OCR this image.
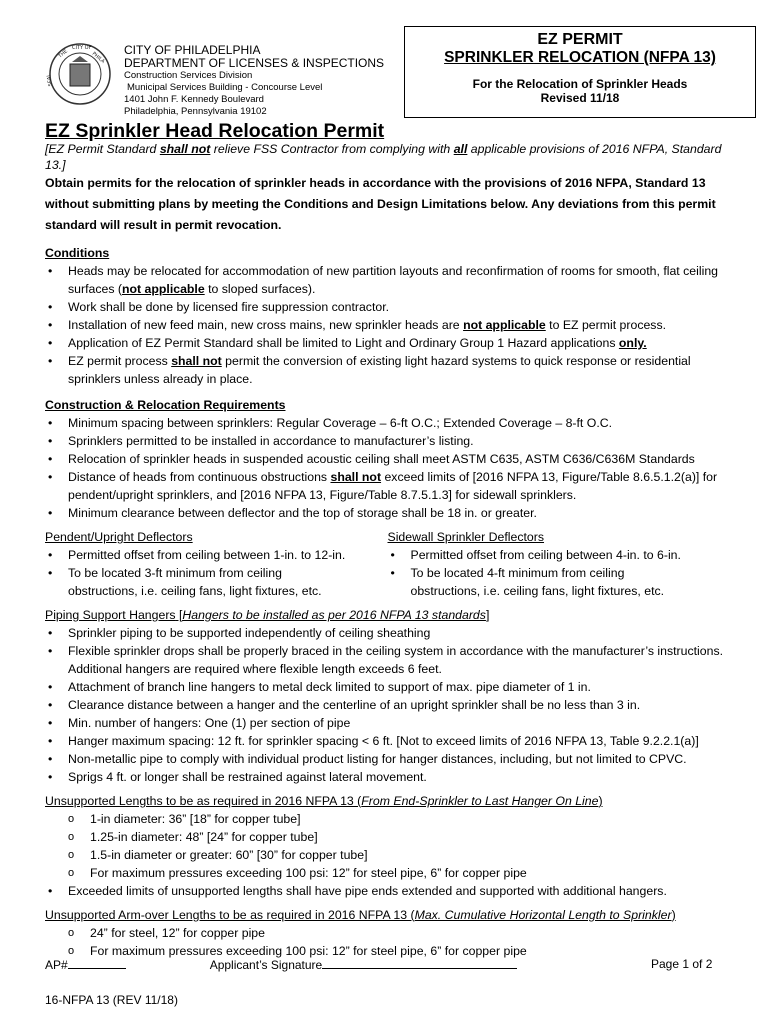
THE
CITY OF
PHILA
SEAL
CITY OF PHILADELPHIA
DEPARTMENT OF LICENSES & INSPECTIONS
Construction Services Division
Municipal Services Building - Concourse Level
1401 John F. Kennedy Boulevard
Philadelphia, Pennsylvania 19102
EZ PERMIT
SPRINKLER RELOCATION (NFPA 13)
For the Relocation of Sprinkler Heads
Revised 11/18
EZ Sprinkler Head Relocation Permit

[EZ Permit Standard shall not relieve FSS Contractor from complying with all applicable provisions of 2016 NFPA, Standard 13.]

Obtain permits for the relocation of sprinkler heads in accordance with the provisions of 2016 NFPA, Standard 13 without submitting plans by meeting the Conditions and Design Limitations below. Any deviations from this permit standard will result in permit revocation.

Conditions
• Heads may be relocated for accommodation of new partition layouts and reconfirmation of rooms for smooth, flat ceiling surfaces (not applicable to sloped surfaces).
• Work shall be done by licensed fire suppression contractor.
• Installation of new feed main, new cross mains, new sprinkler heads are not applicable to EZ permit process.
• Application of EZ Permit Standard shall be limited to Light and Ordinary Group 1 Hazard applications only.
• EZ permit process shall not permit the conversion of existing light hazard systems to quick response or residential sprinklers unless already in place.
Construction & Relocation Requirements
• Minimum spacing between sprinklers: Regular Coverage – 6-ft O.C.; Extended Coverage – 8-ft O.C.
• Sprinklers permitted to be installed in accordance to manufacturer’s listing.
• Relocation of sprinkler heads in suspended acoustic ceiling shall meet ASTM C635, ASTM C636/C636M Standards
• Distance of heads from continuous obstructions shall not exceed limits of [2016 NFPA 13, Figure/Table 8.6.5.1.2(a)] for pendent/upright sprinklers, and [2016 NFPA 13, Figure/Table 8.7.5.1.3] for sidewall sprinklers.
• Minimum clearance between deflector and the top of storage shall be 18 in. or greater.
Pendent/Upright Deflectors
• Permitted offset from ceiling between 1-in. to 12-in.
• To be located 3-ft minimum from ceiling obstructions, i.e. ceiling fans, light fixtures, etc.
Sidewall Sprinkler Deflectors
• Permitted offset from ceiling between 4-in. to 6-in.
• To be located 4-ft minimum from ceiling obstructions, i.e. ceiling fans, light fixtures, etc.
Piping Support Hangers [Hangers to be installed as per 2016 NFPA 13 standards]
• Sprinkler piping to be supported independently of ceiling sheathing
• Flexible sprinkler drops shall be properly braced in the ceiling system in accordance with the manufacturer’s instructions. Additional hangers are required where flexible length exceeds 6 feet.
• Attachment of branch line hangers to metal deck limited to support of max. pipe diameter of 1 in.
• Clearance distance between a hanger and the centerline of an upright sprinkler shall be no less than 3 in.
• Min. number of hangers: One (1) per section of pipe
• Hanger maximum spacing: 12 ft. for sprinkler spacing < 6 ft. [Not to exceed limits of 2016 NFPA 13, Table 9.2.2.1(a)]
• Non-metallic pipe to comply with individual product listing for hanger distances, including, but not limited to CPVC.
• Sprigs 4 ft. or longer shall be restrained against lateral movement.
Unsupported Lengths to be as required in 2016 NFPA 13 (From End-Sprinkler to Last Hanger On Line)
o 1-in diameter: 36” [18” for copper tube]
o 1.25-in diameter: 48” [24” for copper tube]
o 1.5-in diameter or greater: 60” [30” for copper tube]
o For maximum pressures exceeding 100 psi: 12” for steel pipe, 6” for copper pipe
• Exceeded limits of unsupported lengths shall have pipe ends extended and supported with additional hangers.
Unsupported Arm-over Lengths to be as required in 2016 NFPA 13 (Max. Cumulative Horizontal Length to Sprinkler)
o 24” for steel, 12” for copper pipe
o For maximum pressures exceeding 100 psi: 12” for steel pipe, 6” for copper pipe
AP#	Applicant’s Signature	Page 1 of 2
16-NFPA 13 (REV 11/18)
